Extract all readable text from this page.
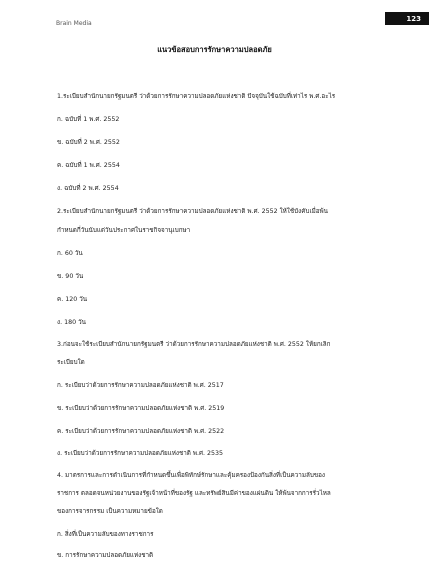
Brain Media
123
แนวข้อสอบการรักษาความปลอดภัย
1.ระเบียบสำนักนายกรัฐมนตรี ว่าด้วยการรักษาความปลอดภัยแห่งชาติ ปัจจุบันใช้ฉบับที่เท่าไร พ.ศ.อะไร
ก. ฉบับที่ 1 พ.ศ. 2552
ข. ฉบับที่ 2 พ.ศ. 2552
ค. ฉบับที่ 1 พ.ศ. 2554
ง. ฉบับที่ 2 พ.ศ. 2554
2.ระเบียบสำนักนายกรัฐมนตรี ว่าด้วยการรักษาความปลอดภัยแห่งชาติ พ.ศ. 2552 ให้ใช้บังคับเมื่อพ้น
กำหนดกี่วันนับแต่วันประกาศในราชกิจจานุเบกษา
ก. 60 วัน
ข. 90 วัน
ค. 120 วัน
ง. 180 วัน
3.ก่อนจะใช้ระเบียบสำนักนายกรัฐมนตรี ว่าด้วยการรักษาความปลอดภัยแห่งชาติ พ.ศ. 2552 ให้ยกเลิก
ระเบียบใด
ก. ระเบียบว่าด้วยการรักษาความปลอดภัยแห่งชาติ พ.ศ. 2517
ข. ระเบียบว่าด้วยการรักษาความปลอดภัยแห่งชาติ พ.ศ. 2519
ค. ระเบียบว่าด้วยการรักษาความปลอดภัยแห่งชาติ พ.ศ. 2522
ง. ระเบียบว่าด้วยการรักษาความปลอดภัยแห่งชาติ พ.ศ. 2535
4. มาตรการและการดำเนินการที่กำหนดขึ้นเพื่อพิทักษ์รักษาและคุ้มครองป้องกันสิ่งที่เป็นความลับของ
ราชการ ตลอดจนหน่วยงานของรัฐเจ้าหน้าที่ของรัฐ และทรัพย์สินมีค่าของแผ่นดิน ให้พ้นจากการรั่วไหล
ของการจารกรรม เป็นความหมายข้อใด
ก. สิ่งที่เป็นความลับของทางราชการ
ข. การรักษาความปลอดภัยแห่งชาติ
